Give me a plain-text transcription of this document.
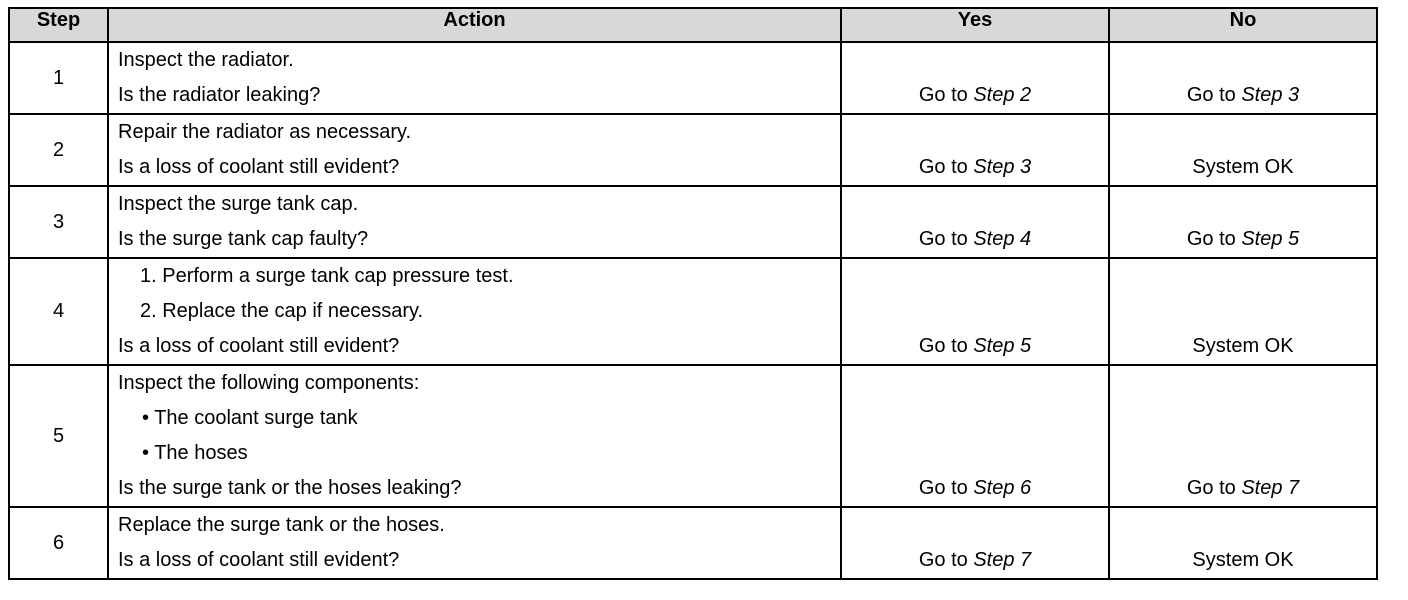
Step	Action	Yes	No

1	Inspect the radiator.
Is the radiator leaking?	Go to Step 2	Go to Step 3

2	Repair the radiator as necessary.
Is a loss of coolant still evident?	Go to Step 3	System OK

3	Inspect the surge tank cap.
Is the surge tank cap faulty?	Go to Step 4	Go to Step 5

4	1. Perform a surge tank cap pressure test.
2. Replace the cap if necessary.
Is a loss of coolant still evident?	Go to Step 5	System OK

5	Inspect the following components:
• The coolant surge tank
• The hoses
Is the surge tank or the hoses leaking?	Go to Step 6	Go to Step 7

6	Replace the surge tank or the hoses.
Is a loss of coolant still evident?	Go to Step 7	System OK
